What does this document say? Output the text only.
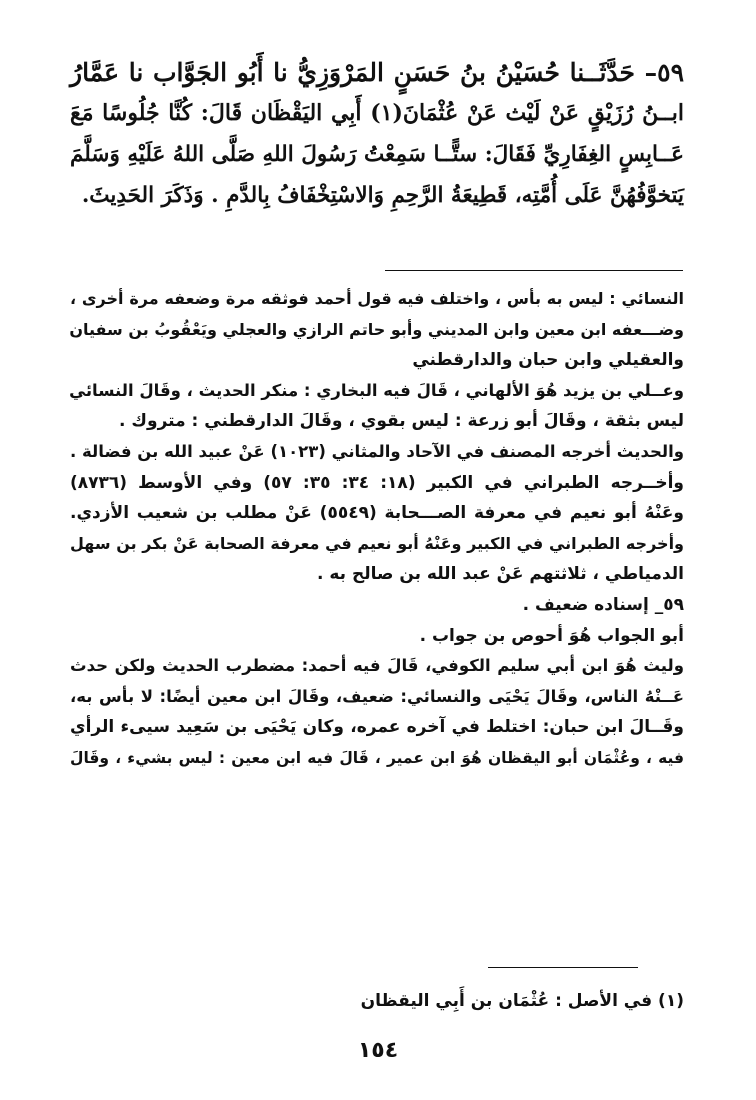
٥٩– حَدَّثَــنا حُسَيْنُ بنُ حَسَنٍ المَرْوَزِيُّ نا أَبُو الجَوَّاب نا عَمَّارُ
ابــنُ رُزَيْقٍ عَنْ لَيْث عَنْ عُثْمَانَ(١) أَبِي اليَقْظَان قَالَ: كُنَّا جُلُوسًا مَعَ
عَــابِسٍ الغِفَارِيِّ فَقَالَ: ستًّــا سَمِعْتُ رَسُولَ اللهِ صَلَّى اللهُ عَلَيْهِ وَسَلَّمَ
يَتخوَّفُهُنَّ عَلَى أُمَّتِه، قَطِيعَةُ الرَّحِمِ وَالاسْتِخْفَافُ بِالدَّمِ . وَذَكَرَ الحَدِيثَ.
النسائي : ليس به بأس ، واختلف فيه قول أحمد فوثقه مرة وضعفه مرة أخرى ،
وضـــعفه ابن معين وابن المديني وأبو حاتم الرازي والعجلي ويَعْقُوبُ بن سفيان
والعقيلي وابن حبان والدارقطني
وعــلي بن يزيد هُوَ الألهاني ، قَالَ فيه البخاري : منكر الحديث ، وقَالَ النسائي
ليس بثقة ، وقَالَ أبو زرعة : ليس بقوي ، وقَالَ الدارقطني : متروك .
والحديث أخرجه المصنف في الآحاد والمثاني (١٠٢٣) عَنْ عبيد الله بن فضالة .
وأخــرجه الطبراني في الكبير (١٨: ٣٤: ٣٥: ٥٧) وفي الأوسط (٨٧٣٦)
وعَنْهُ أبو نعيم في معرفة الصـــحابة (٥٥٤٩) عَنْ مطلب بن شعيب الأزدي.
وأخرجه الطبراني في الكبير وعَنْهُ أبو نعيم في معرفة الصحابة عَنْ بكر بن سهل
الدمياطي ، ثلاثتهم عَنْ عبد الله بن صالح به .
٥٩_ إسناده ضعيف .
أبو الجواب هُوَ أحوص بن جواب .
وليث هُوَ ابن أبي سليم الكوفي، قَالَ فيه أحمد: مضطرب الحديث ولكن حدث
عَــنْهُ الناس، وقَالَ يَحْيَى والنسائي: ضعيف، وقَالَ ابن معين أيضًا: لا بأس به،
وقَــالَ ابن حبان: اختلط في آخره عمره، وكان يَحْيَى بن سَعِيد سيىء الرأي
فيه ، وعُثْمَان أبو اليقظان هُوَ ابن عمير ، قَالَ فيه ابن معين : ليس بشيء ، وقَالَ
(١) في الأصل : عُثْمَان بن أَبِي اليقظان
١٥٤
